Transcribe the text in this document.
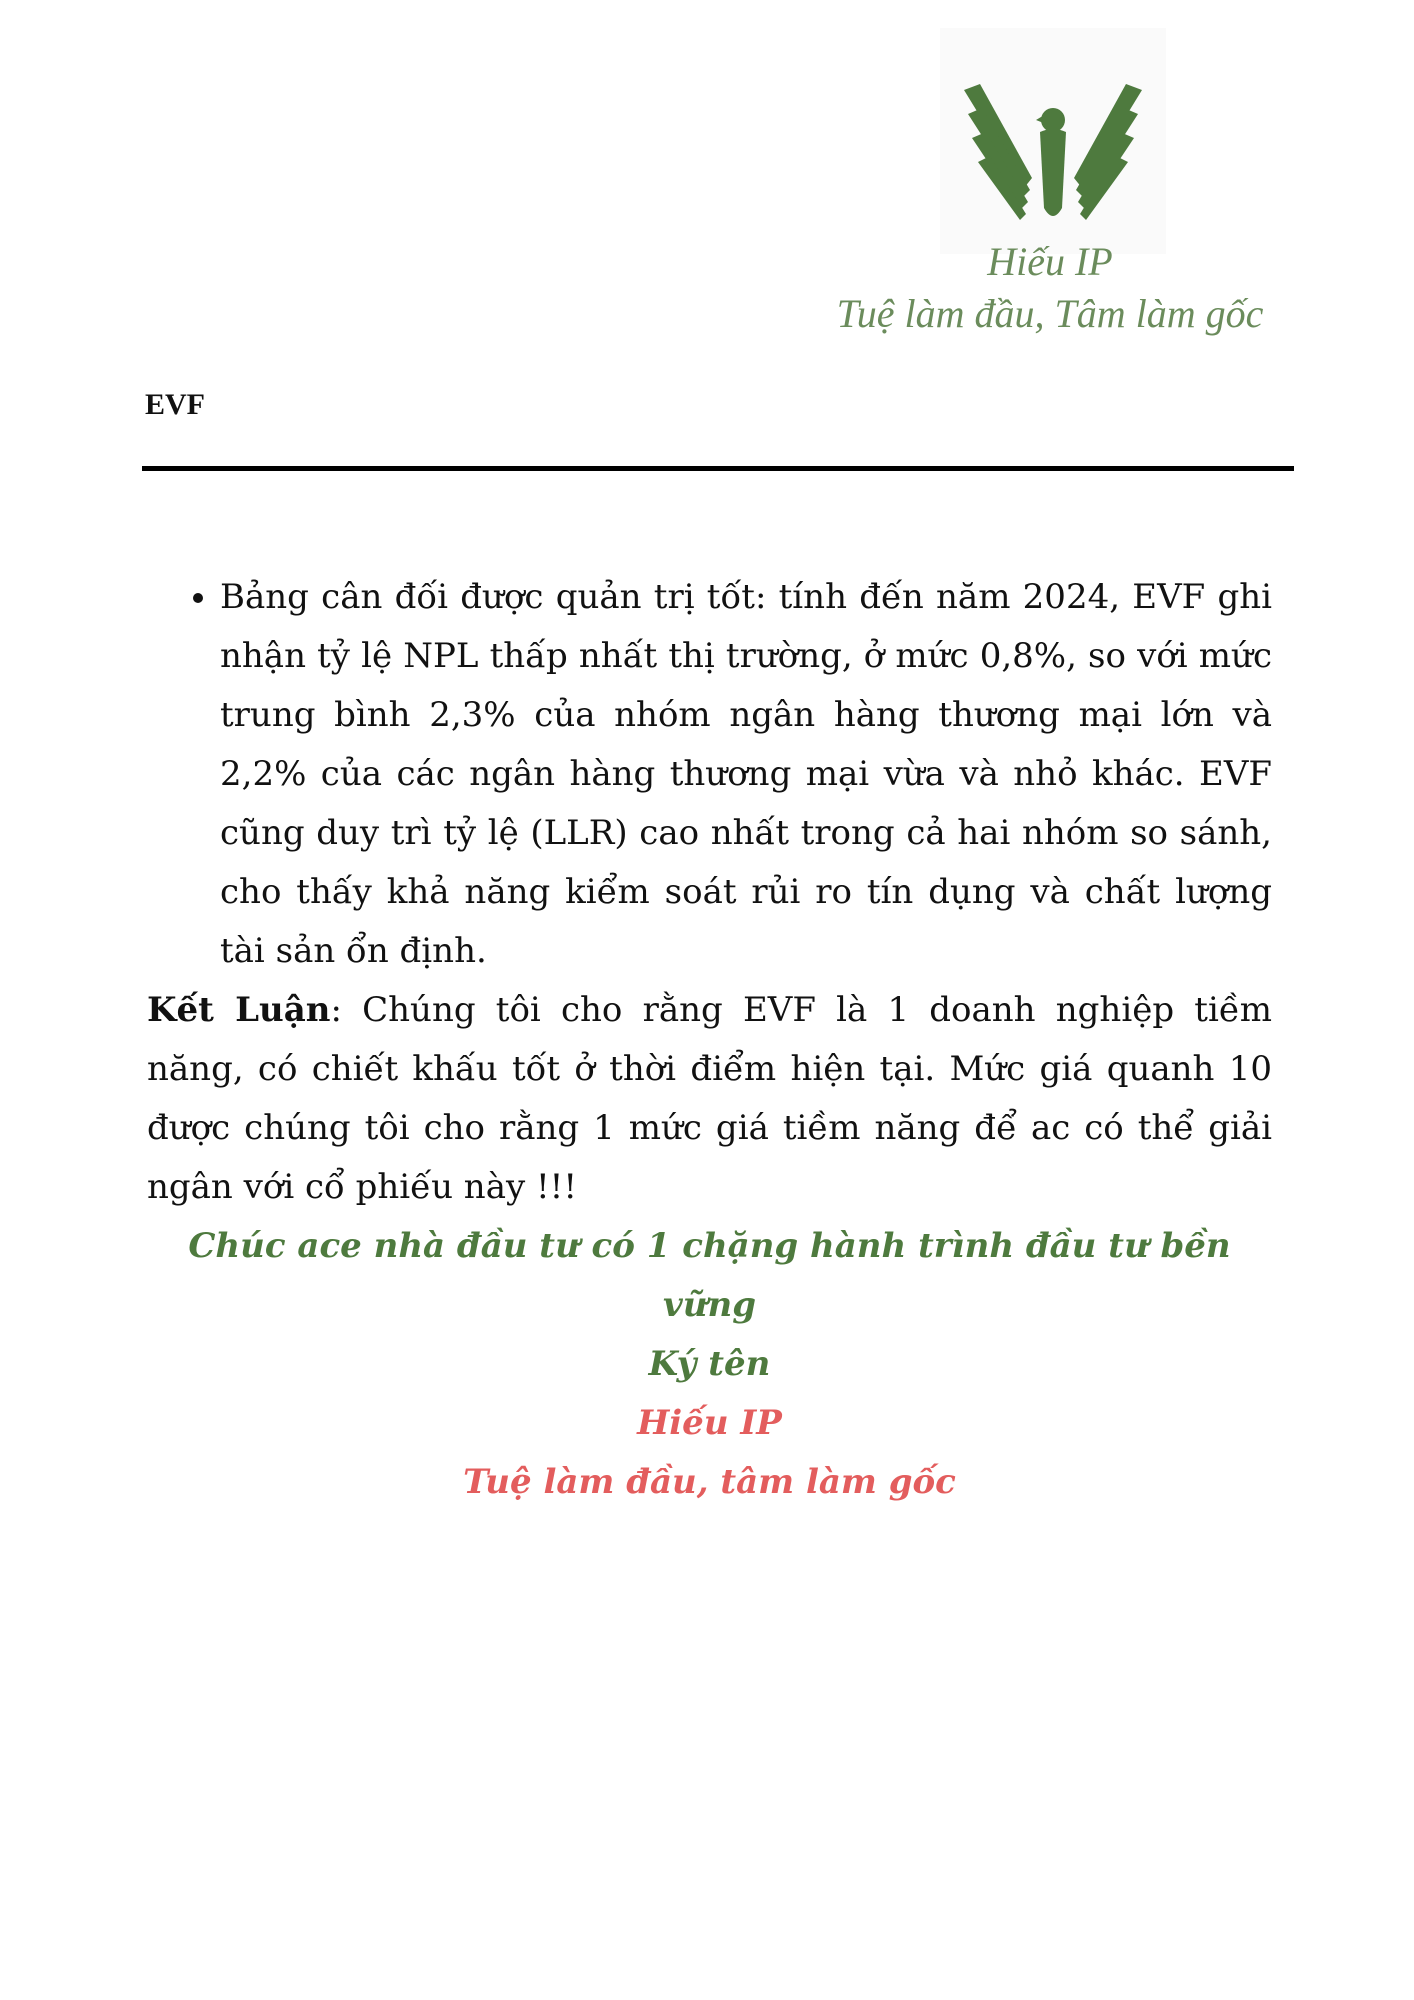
Hiếu IP
Tuệ làm đầu, Tâm làm gốc
EVF
• Bảng cân đối được quản trị tốt: tính đến năm 2024, EVF ghi nhận tỷ lệ NPL thấp nhất thị trường, ở mức 0,8%, so với mức trung bình 2,3% của nhóm ngân hàng thương mại lớn và 2,2% của các ngân hàng thương mại vừa và nhỏ khác. EVF cũng duy trì tỷ lệ (LLR) cao nhất trong cả hai nhóm so sánh, cho thấy khả năng kiểm soát rủi ro tín dụng và chất lượng tài sản ổn định.

Kết Luận: Chúng tôi cho rằng EVF là 1 doanh nghiệp tiềm năng, có chiết khấu tốt ở thời điểm hiện tại. Mức giá quanh 10 được chúng tôi cho rằng 1 mức giá tiềm năng để ac có thể giải ngân với cổ phiếu này !!!

Chúc ace nhà đầu tư có 1 chặng hành trình đầu tư bền vững
Ký tên
Hiếu IP
Tuệ làm đầu, tâm làm gốc
